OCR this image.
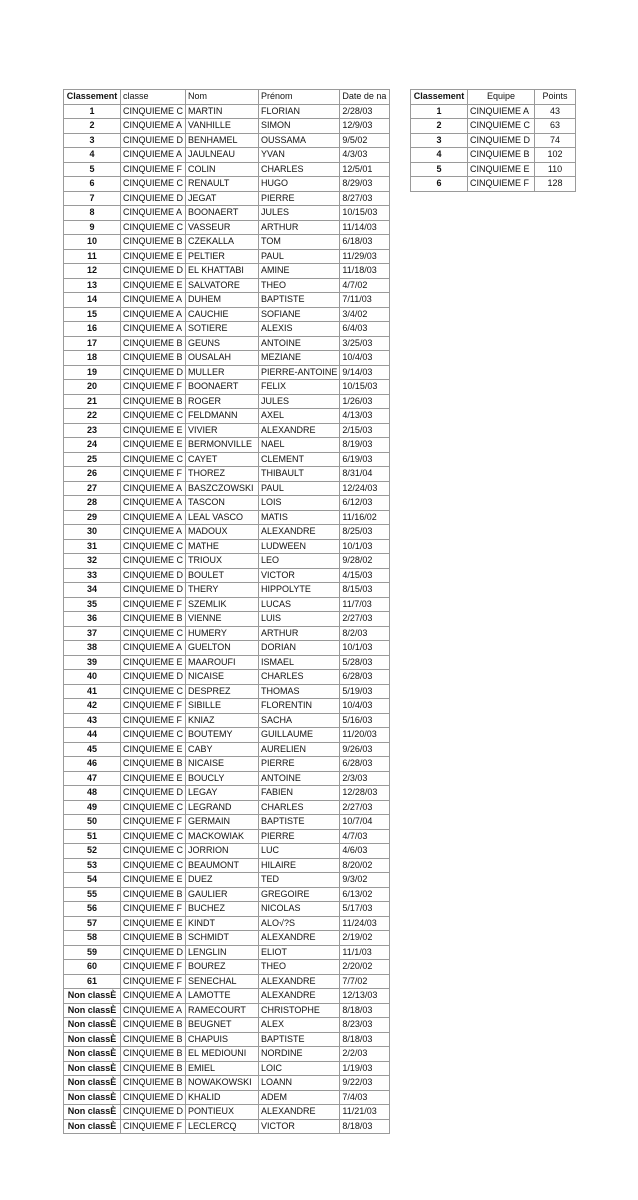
Classement	classe	Nom	Prénom	Date de na
1	CINQUIEME C	MARTIN	FLORIAN	2/28/03
2	CINQUIEME A	VANHILLE	SIMON	12/9/03
3	CINQUIEME D	BENHAMEL	OUSSAMA	9/5/02
4	CINQUIEME A	JAULNEAU	YVAN	4/3/03
5	CINQUIEME F	COLIN	CHARLES	12/5/01
6	CINQUIEME C	RENAULT	HUGO	8/29/03
7	CINQUIEME D	JEGAT	PIERRE	8/27/03
8	CINQUIEME A	BOONAERT	JULES	10/15/03
9	CINQUIEME C	VASSEUR	ARTHUR	11/14/03
10	CINQUIEME B	CZEKALLA	TOM	6/18/03
11	CINQUIEME E	PELTIER	PAUL	11/29/03
12	CINQUIEME D	EL KHATTABI	AMINE	11/18/03
13	CINQUIEME E	SALVATORE	THEO	4/7/02
14	CINQUIEME A	DUHEM	BAPTISTE	7/11/03
15	CINQUIEME A	CAUCHIE	SOFIANE	3/4/02
16	CINQUIEME A	SOTIERE	ALEXIS	6/4/03
17	CINQUIEME B	GEUNS	ANTOINE	3/25/03
18	CINQUIEME B	OUSALAH	MEZIANE	10/4/03
19	CINQUIEME D	MULLER	PIERRE-ANTOINE	9/14/03
20	CINQUIEME F	BOONAERT	FELIX	10/15/03
21	CINQUIEME B	ROGER	JULES	1/26/03
22	CINQUIEME C	FELDMANN	AXEL	4/13/03
23	CINQUIEME E	VIVIER	ALEXANDRE	2/15/03
24	CINQUIEME E	BERMONVILLE	NAEL	8/19/03
25	CINQUIEME C	CAYET	CLEMENT	6/19/03
26	CINQUIEME F	THOREZ	THIBAULT	8/31/04
27	CINQUIEME A	BASZCZOWSKI	PAUL	12/24/03
28	CINQUIEME A	TASCON	LOIS	6/12/03
29	CINQUIEME A	LEAL VASCO	MATIS	11/16/02
30	CINQUIEME A	MADOUX	ALEXANDRE	8/25/03
31	CINQUIEME C	MATHE	LUDWEEN	10/1/03
32	CINQUIEME C	TRIOUX	LEO	9/28/02
33	CINQUIEME D	BOULET	VICTOR	4/15/03
34	CINQUIEME D	THERY	HIPPOLYTE	8/15/03
35	CINQUIEME F	SZEMLIK	LUCAS	11/7/03
36	CINQUIEME B	VIENNE	LUIS	2/27/03
37	CINQUIEME C	HUMERY	ARTHUR	8/2/03
38	CINQUIEME A	GUELTON	DORIAN	10/1/03
39	CINQUIEME E	MAAROUFI	ISMAEL	5/28/03
40	CINQUIEME D	NICAISE	CHARLES	6/28/03
41	CINQUIEME C	DESPREZ	THOMAS	5/19/03
42	CINQUIEME F	SIBILLE	FLORENTIN	10/4/03
43	CINQUIEME F	KNIAZ	SACHA	5/16/03
44	CINQUIEME C	BOUTEMY	GUILLAUME	11/20/03
45	CINQUIEME E	CABY	AURELIEN	9/26/03
46	CINQUIEME B	NICAISE	PIERRE	6/28/03
47	CINQUIEME E	BOUCLY	ANTOINE	2/3/03
48	CINQUIEME D	LEGAY	FABIEN	12/28/03
49	CINQUIEME C	LEGRAND	CHARLES	2/27/03
50	CINQUIEME F	GERMAIN	BAPTISTE	10/7/04
51	CINQUIEME C	MACKOWIAK	PIERRE	4/7/03
52	CINQUIEME C	JORRION	LUC	4/6/03
53	CINQUIEME C	BEAUMONT	HILAIRE	8/20/02
54	CINQUIEME E	DUEZ	TED	9/3/02
55	CINQUIEME B	GAULIER	GREGOIRE	6/13/02
56	CINQUIEME F	BUCHEZ	NICOLAS	5/17/03
57	CINQUIEME E	KINDT	ALO√?S	11/24/03
58	CINQUIEME B	SCHMIDT	ALEXANDRE	2/19/02
59	CINQUIEME D	LENGLIN	ELIOT	11/1/03
60	CINQUIEME F	BOUREZ	THEO	2/20/02
61	CINQUIEME F	SENECHAL	ALEXANDRE	7/7/02
Non classÈ	CINQUIEME A	LAMOTTE	ALEXANDRE	12/13/03
Non classÈ	CINQUIEME A	RAMECOURT	CHRISTOPHE	8/18/03
Non classÈ	CINQUIEME B	BEUGNET	ALEX	8/23/03
Non classÈ	CINQUIEME B	CHAPUIS	BAPTISTE	8/18/03
Non classÈ	CINQUIEME B	EL MEDIOUNI	NORDINE	2/2/03
Non classÈ	CINQUIEME B	EMIEL	LOIC	1/19/03
Non classÈ	CINQUIEME B	NOWAKOWSKI	LOANN	9/22/03
Non classÈ	CINQUIEME D	KHALID	ADEM	7/4/03
Non classÈ	CINQUIEME D	PONTIEUX	ALEXANDRE	11/21/03
Non classÈ	CINQUIEME F	LECLERCQ	VICTOR	8/18/03
Classement	Equipe	Points
1	CINQUIEME A	43
2	CINQUIEME C	63
3	CINQUIEME D	74
4	CINQUIEME B	102
5	CINQUIEME E	110
6	CINQUIEME F	128
